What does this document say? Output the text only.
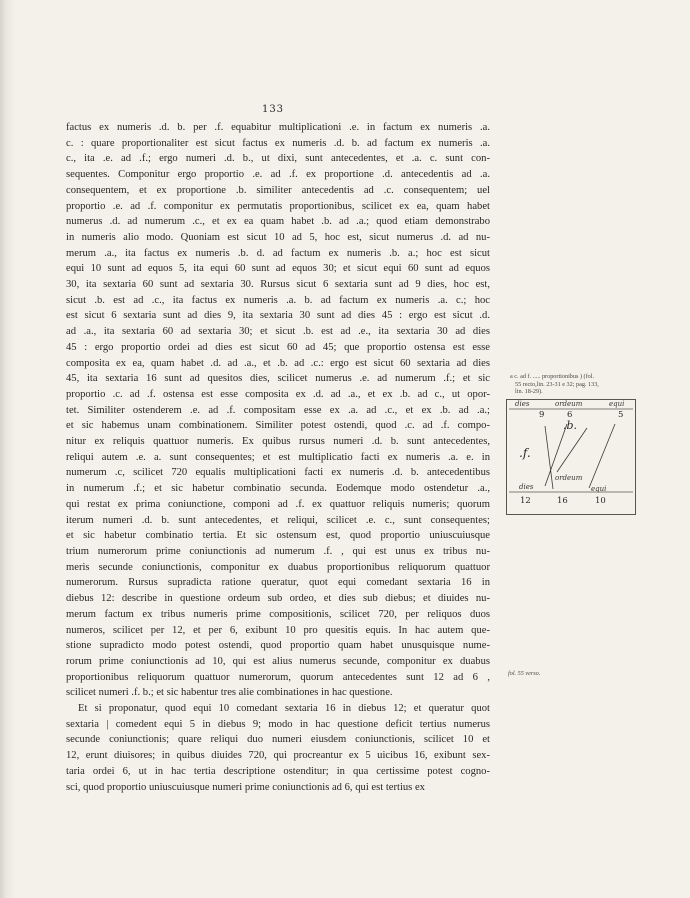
133
factus ex numeris .d. b. per .f. equabitur multiplicationi .e. in factum ex numeris .a.
c. : quare proportionaliter est sicut factus ex numeris .d. b. ad factum ex numeris .a.
c., ita .e. ad .f.; ergo numeri .d. b., ut dixi, sunt antecedentes, et .a. c. sunt con-
sequentes. Componitur ergo proportio .e. ad .f. ex proportione .d. antecedentis ad .a.
consequentem, et ex proportione .b. similiter antecedentis ad .c. consequentem; uel
proportio .e. ad .f. componitur ex permutatis proportionibus, scilicet ex ea, quam habet
numerus .d. ad numerum .c., et ex ea quam habet .b. ad .a.; quod etiam demonstrabo
in numeris alio modo. Quoniam est sicut 10 ad 5, hoc est, sicut numerus .d. ad nu-
merum .a., ita factus ex numeris .b. d. ad factum ex numeris .b. a.; hoc est sicut
equi 10 sunt ad equos 5, ita equi 60 sunt ad equos 30; et sicut equi 60 sunt ad equos
30, ita sextaria 60 sunt ad sextaria 30. Rursus sicut 6 sextaria sunt ad 9 dies, hoc est,
sicut .b. est ad .c., ita factus ex numeris .a. b. ad factum ex numeris .a. c.; hoc
est sicut 6 sextaria sunt ad dies 9, ita sextaria 30 sunt ad dies 45 : ergo est sicut .d.
ad .a., ita sextaria 60 ad sextaria 30; et sicut .b. est ad .e., ita sextaria 30 ad dies
45 : ergo proportio ordei ad dies est sicut 60 ad 45; que proportio ostensa est esse
composita ex ea, quam habet .d. ad .a., et .b. ad .c.: ergo est sicut 60 sextaria ad dies
45, ita sextaria 16 sunt ad quesitos dies, scilicet numerus .e. ad numerum .f.; et sic
proportio .c. ad .f. ostensa est esse composita ex .d. ad .a., et ex .b. ad c., ut opor-
tet. Similiter ostenderem .e. ad .f. compositam esse ex .a. ad .c., et ex .b. ad .a.;
et sic habemus unam combinationem. Similiter potest ostendi, quod .c. ad .f. compo-
nitur ex reliquis quattuor numeris. Ex quibus rursus numeri .d. b. sunt antecedentes,
reliqui autem .e. a. sunt consequentes; et est multiplicatio facti ex numeris .a. e. in
numerum .c, scilicet 720 equalis multiplicationi facti ex numeris .d. b. antecedentibus
in numerum .f.; et sic habetur combinatio secunda. Eodemque modo ostendetur .a.,
qui restat ex prima coniunctione, componi ad .f. ex quattuor reliquis numeris; quorum
iterum numeri .d. b. sunt antecedentes, et reliqui, scilicet .e. c., sunt consequentes;
et sic habetur combinatio tertia. Et sic ostensum est, quod proportio uniuscuiusque
trium numerorum prime coniunctionis ad numerum .f. , qui est unus ex tribus nu-
meris secunde coniunctionis, componitur ex duabus proportionibus reliquorum quattuor
numerorum. Rursus supradicta ratione queratur, quot equi comedant sextaria 16 in
diebus 12: describe in questione ordeum sub ordeo, et dies sub diebus; et diuides nu-
merum factum ex tribus numeris prime compositionis, scilicet 720, per reliquos duos
numeros, scilicet per 12, et per 6, exibunt 10 pro quesitis equis. In hac autem que-
stione supradicto modo potest ostendi, quod proportio quam habet unusquisque nume-
rorum prime coniunctionis ad 10, qui est alius numerus secunde, componitur ex duabus
proportionibus reliquorum quattuor numerorum, quorum antecedentes sunt 12 ad 6 ,
scilicet numeri .f. b.; et sic habentur tres alie combinationes in hac questione.
Et si proponatur, quod equi 10 comedant sextaria 16 in diebus 12; et queratur quot
sextaria | comedent equi 5 in diebus 9; modo in hac questione deficit tertius numerus
secunde coniunctionis; quare reliqui duo numeri eiusdem coniunctionis, scilicet 10 et
12, erunt diuisores; in quibus diuides 720, qui procreantur ex 5 uicibus 16, exibunt sex-
taria ordei 6, ut in hac tertia descriptione ostenditur; in qua certissime potest cogno-
sci, quod proportio uniuscuiusque numeri prime coniunctionis ad 6, qui est tertius ex
a c. ad f. ..... proportionibus ) (fol.
55 recto,lin. 23-31 e 32; pag. 133,
lin. 18-29).
dies	ordeum	equi
9	6	5
.b.
.f.
ordeum
dies	equi
12	16	10
fol. 55 verso.
